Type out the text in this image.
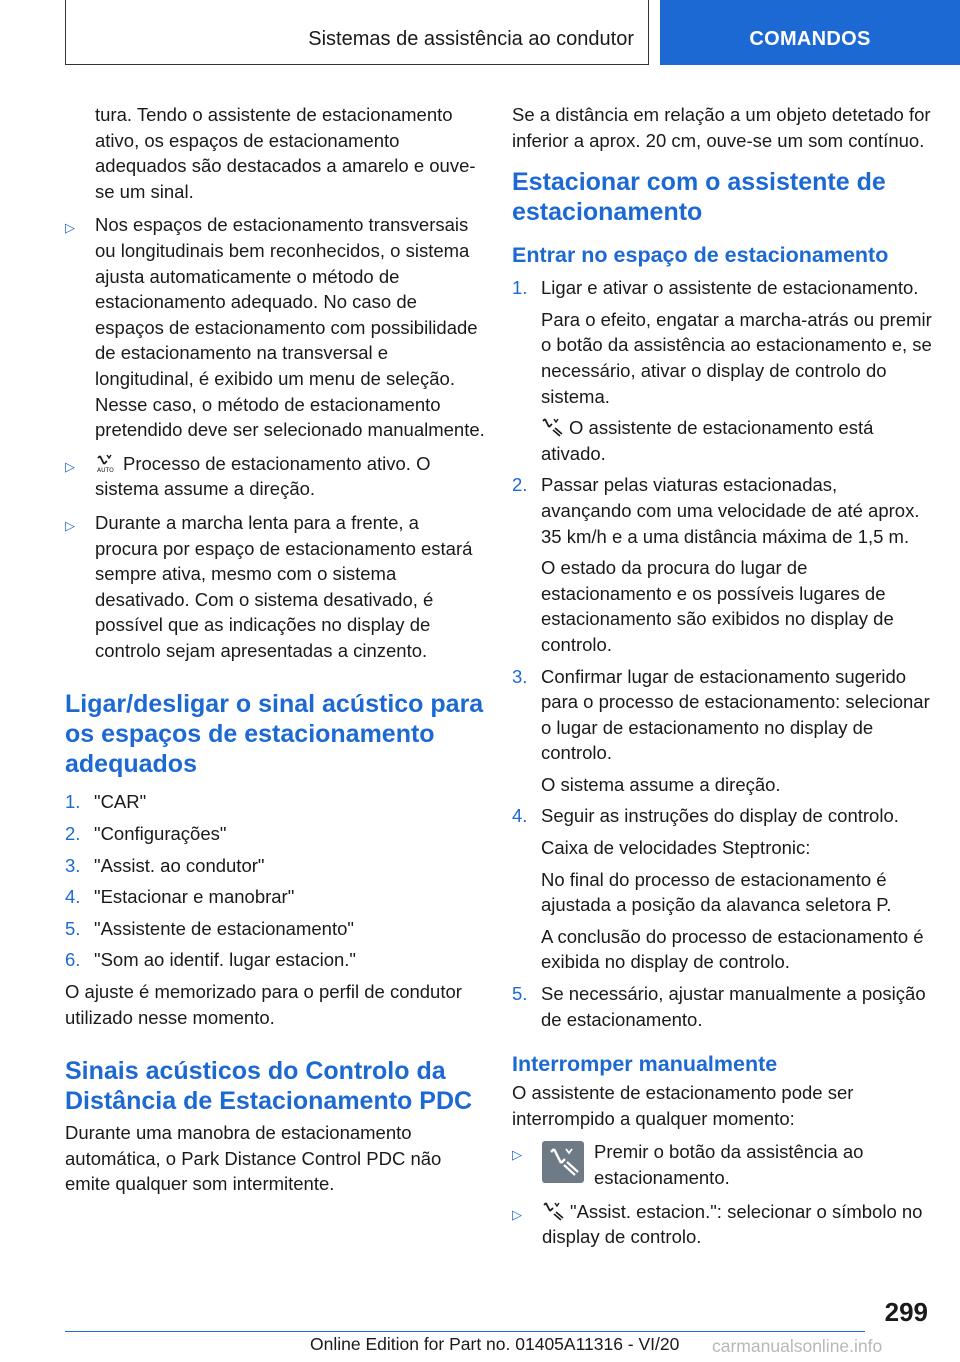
Sistemas de assistência ao condutor	COMANDOS

tura. Tendo o assistente de estacionamento ativo, os espaços de estacionamento adequados são destacados a amarelo e ouve-se um sinal.

▷	Nos espaços de estacionamento transversais ou longitudinais bem reconhecidos, o sistema ajusta automaticamente o método de estacionamento adequado. No caso de espaços de estacionamento com possibilidade de estacionamento na transversal e longitudinal, é exibido um menu de seleção. Nesse caso, o método de estacionamento pretendido deve ser selecionado manualmente.
▷	AUTO Processo de estacionamento ativo. O sistema assume a direção.
▷	Durante a marcha lenta para a frente, a procura por espaço de estacionamento estará sempre ativa, mesmo com o sistema desativado. Com o sistema desativado, é possível que as indicações no display de controlo sejam apresentadas a cinzento.
Ligar/desligar o sinal acústico para os espaços de estacionamento adequados
1. "CAR"
2. "Configurações"
3. "Assist. ao condutor"
4. "Estacionar e manobrar"
5. "Assistente de estacionamento"
6. "Som ao identif. lugar estacion."

O ajuste é memorizado para o perfil de condutor utilizado nesse momento.

Sinais acústicos do Controlo da Distância de Estacionamento PDC

Durante uma manobra de estacionamento automática, o Park Distance Control PDC não emite qualquer som intermitente.

Se a distância em relação a um objeto detetado for inferior a aprox. 20 cm, ouve-se um som contínuo.

Estacionar com o assistente de estacionamento
Entrar no espaço de estacionamento
1. Ligar e ativar o assistente de estacionamento.

Para o efeito, engatar a marcha-atrás ou premir o botão da assistência ao estacionamento e, se necessário, ativar o display de controlo do sistema.

O assistente de estacionamento está ativado.

2. Passar pelas viaturas estacionadas, avançando com uma velocidade de até aprox. 35 km/h e a uma distância máxima de 1,5 m.

O estado da procura do lugar de estacionamento e os possíveis lugares de estacionamento são exibidos no display de controlo.

3. Confirmar lugar de estacionamento sugerido para o processo de estacionamento: selecionar o lugar de estacionamento no display de controlo.

O sistema assume a direção.

4. Seguir as instruções do display de controlo.

Caixa de velocidades Steptronic:

No final do processo de estacionamento é ajustada a posição da alavanca seletora P.

A conclusão do processo de estacionamento é exibida no display de controlo.

5. Se necessário, ajustar manualmente a posição de estacionamento.
Interromper manualmente

O assistente de estacionamento pode ser interrompido a qualquer momento:

▷	Premir o botão da assistência ao estacionamento.
▷	"Assist. estacion.": selecionar o símbolo no display de controlo.
299
Online Edition for Part no. 01405A11316 - VI/20 carmanualsonline.info
